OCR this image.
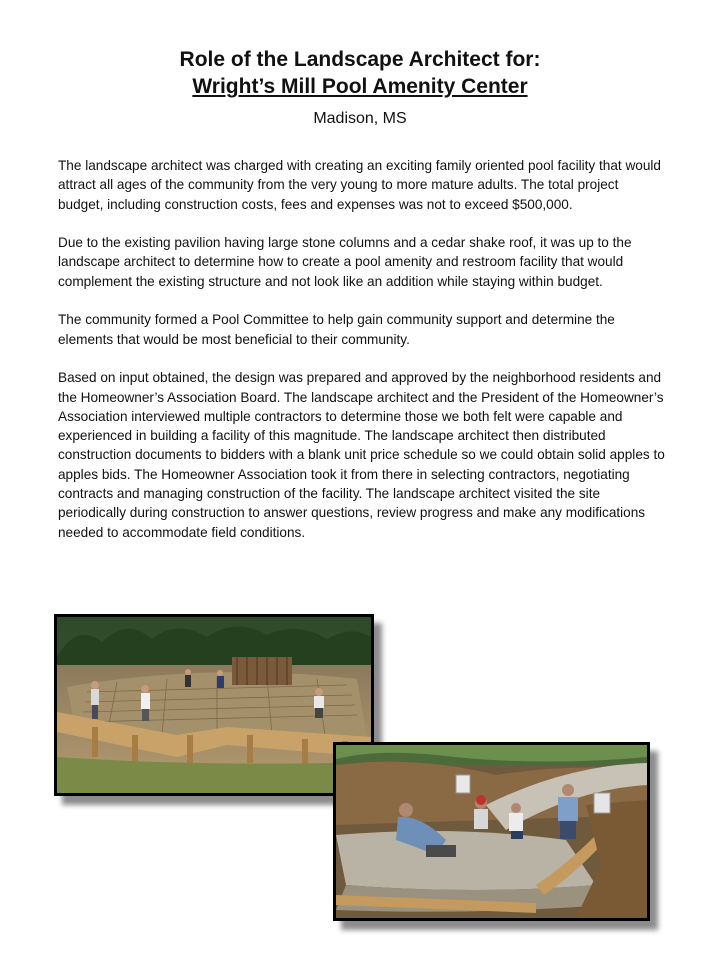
Role of the Landscape Architect for:
Wright’s Mill Pool Amenity Center
Madison, MS

The landscape architect was charged with creating an exciting family oriented pool facility that would attract all ages of the community from the very young to more mature adults. The total project budget, including construction costs, fees and expenses was not to exceed $500,000.

Due to the existing pavilion having large stone columns and a cedar shake roof, it was up to the landscape architect to determine how to create a pool amenity and restroom facility that would complement the existing structure and not look like an addition while staying within budget.

The community formed a Pool Committee to help gain community support and determine the elements that would be most beneficial to their community.

Based on input obtained, the design was prepared and approved by the neighborhood residents and the Homeowner’s Association Board. The landscape architect and the President of the Homeowner’s Association interviewed multiple contractors to determine those we both felt were capable and experienced in building a facility of this magnitude. The landscape architect then distributed construction documents to bidders with a blank unit price schedule so we could obtain solid apples to apples bids. The Homeowner Association took it from there in selecting contractors, negotiating contracts and managing construction of the facility. The landscape architect visited the site periodically during construction to answer questions, review progress and make any modifications needed to accommodate field conditions.
